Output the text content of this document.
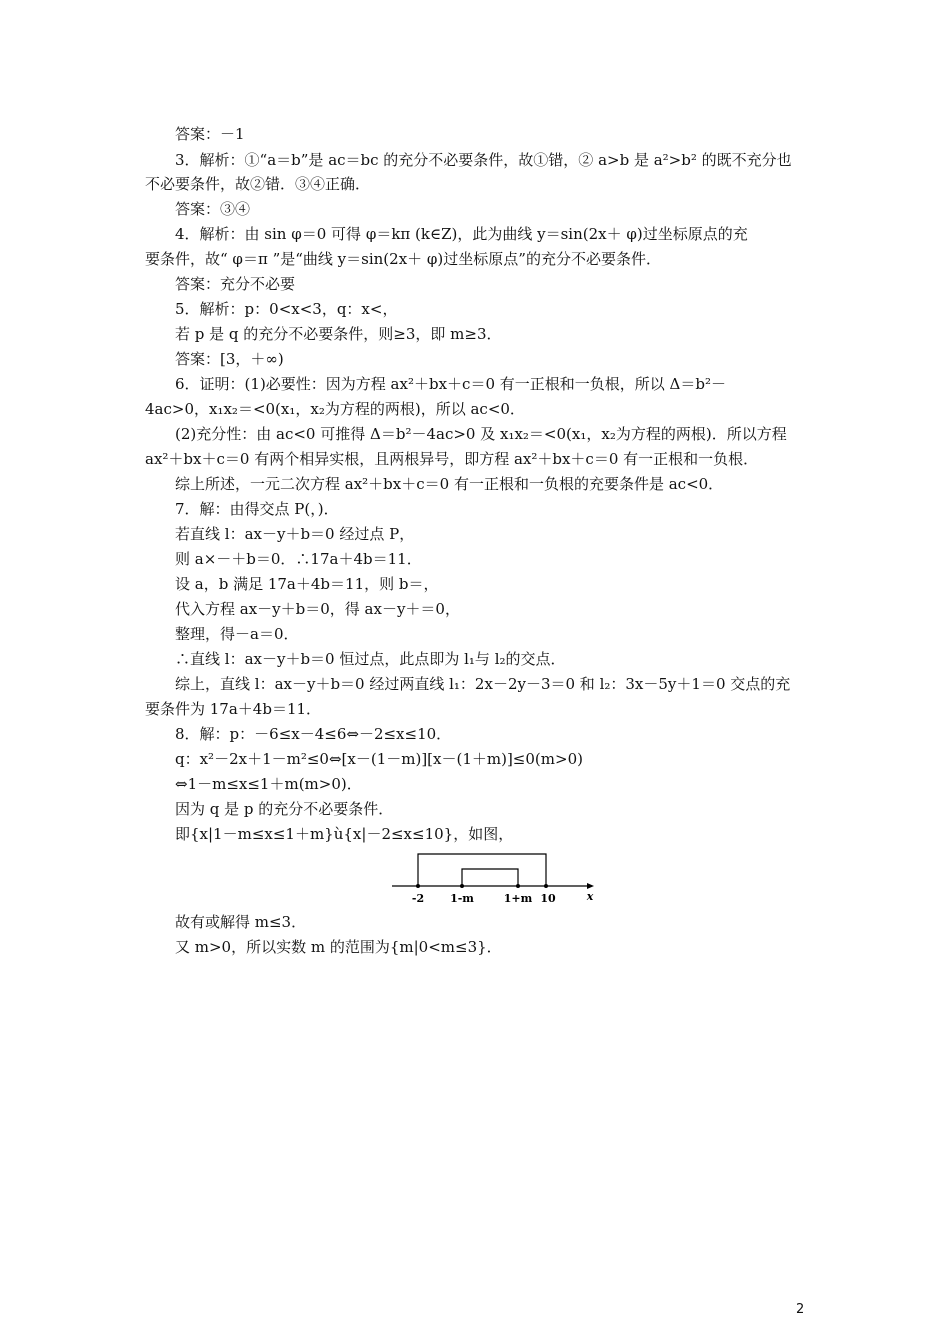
答案：－1
3．解析：①“a＝b”是 ac＝bc 的充分不必要条件，故①错，② a>b 是 a²>b² 的既不充分也
不必要条件，故②错．③④正确．
答案：③④
4．解析：由 sin φ＝0 可得 φ＝kπ (k∈Z)，此为曲线 y＝sin(2x＋ φ)过坐标原点的充
要条件，故“ φ＝π ”是“曲线 y＝sin(2x＋ φ)过坐标原点”的充分不必要条件．
答案：充分不必要
5．解析：p：0<x<3，q：x<，
若 p 是 q 的充分不必要条件，则≥3，即 m≥3．
答案：[3，＋∞)
6．证明：(1)必要性：因为方程 ax²＋bx＋c＝0 有一正根和一负根，所以 Δ＝b²－
4ac>0，x₁x₂＝<0(x₁，x₂为方程的两根)，所以 ac<0．
(2)充分性：由 ac<0 可推得 Δ＝b²－4ac>0 及 x₁x₂＝<0(x₁，x₂为方程的两根)．所以方程
ax²＋bx＋c＝0 有两个相异实根，且两根异号，即方程 ax²＋bx＋c＝0 有一正根和一负根．
综上所述，一元二次方程 ax²＋bx＋c＝0 有一正根和一负根的充要条件是 ac<0．
7．解：由得交点 P(，)．
若直线 l：ax－y＋b＝0 经过点 P，
则 a×－＋b＝0．∴17a＋4b＝11．
设 a，b 满足 17a＋4b＝11，则 b＝，
代入方程 ax－y＋b＝0，得 ax－y＋＝0，
整理，得－a＝0．
∴直线 l：ax－y＋b＝0 恒过点，此点即为 l₁与 l₂的交点．
综上，直线 l：ax－y＋b＝0 经过两直线 l₁：2x－2y－3＝0 和 l₂：3x－5y＋1＝0 交点的充
要条件为 17a＋4b＝11．
8．解：p：－6≤x－4≤6⇔－2≤x≤10．
q：x²－2x＋1－m²≤0⇔[x－(1－m)][x－(1＋m)]≤0(m>0)
⇔1－m≤x≤1＋m(m>0)．
因为 q 是 p 的充分不必要条件．
即{x|1－m≤x≤1＋m}ù{x|－2≤x≤10}，如图，
-2 1-m	1+m 10	x
故有或解得 m≤3．
又 m>0，所以实数 m 的范围为{m|0<m≤3}．
2
